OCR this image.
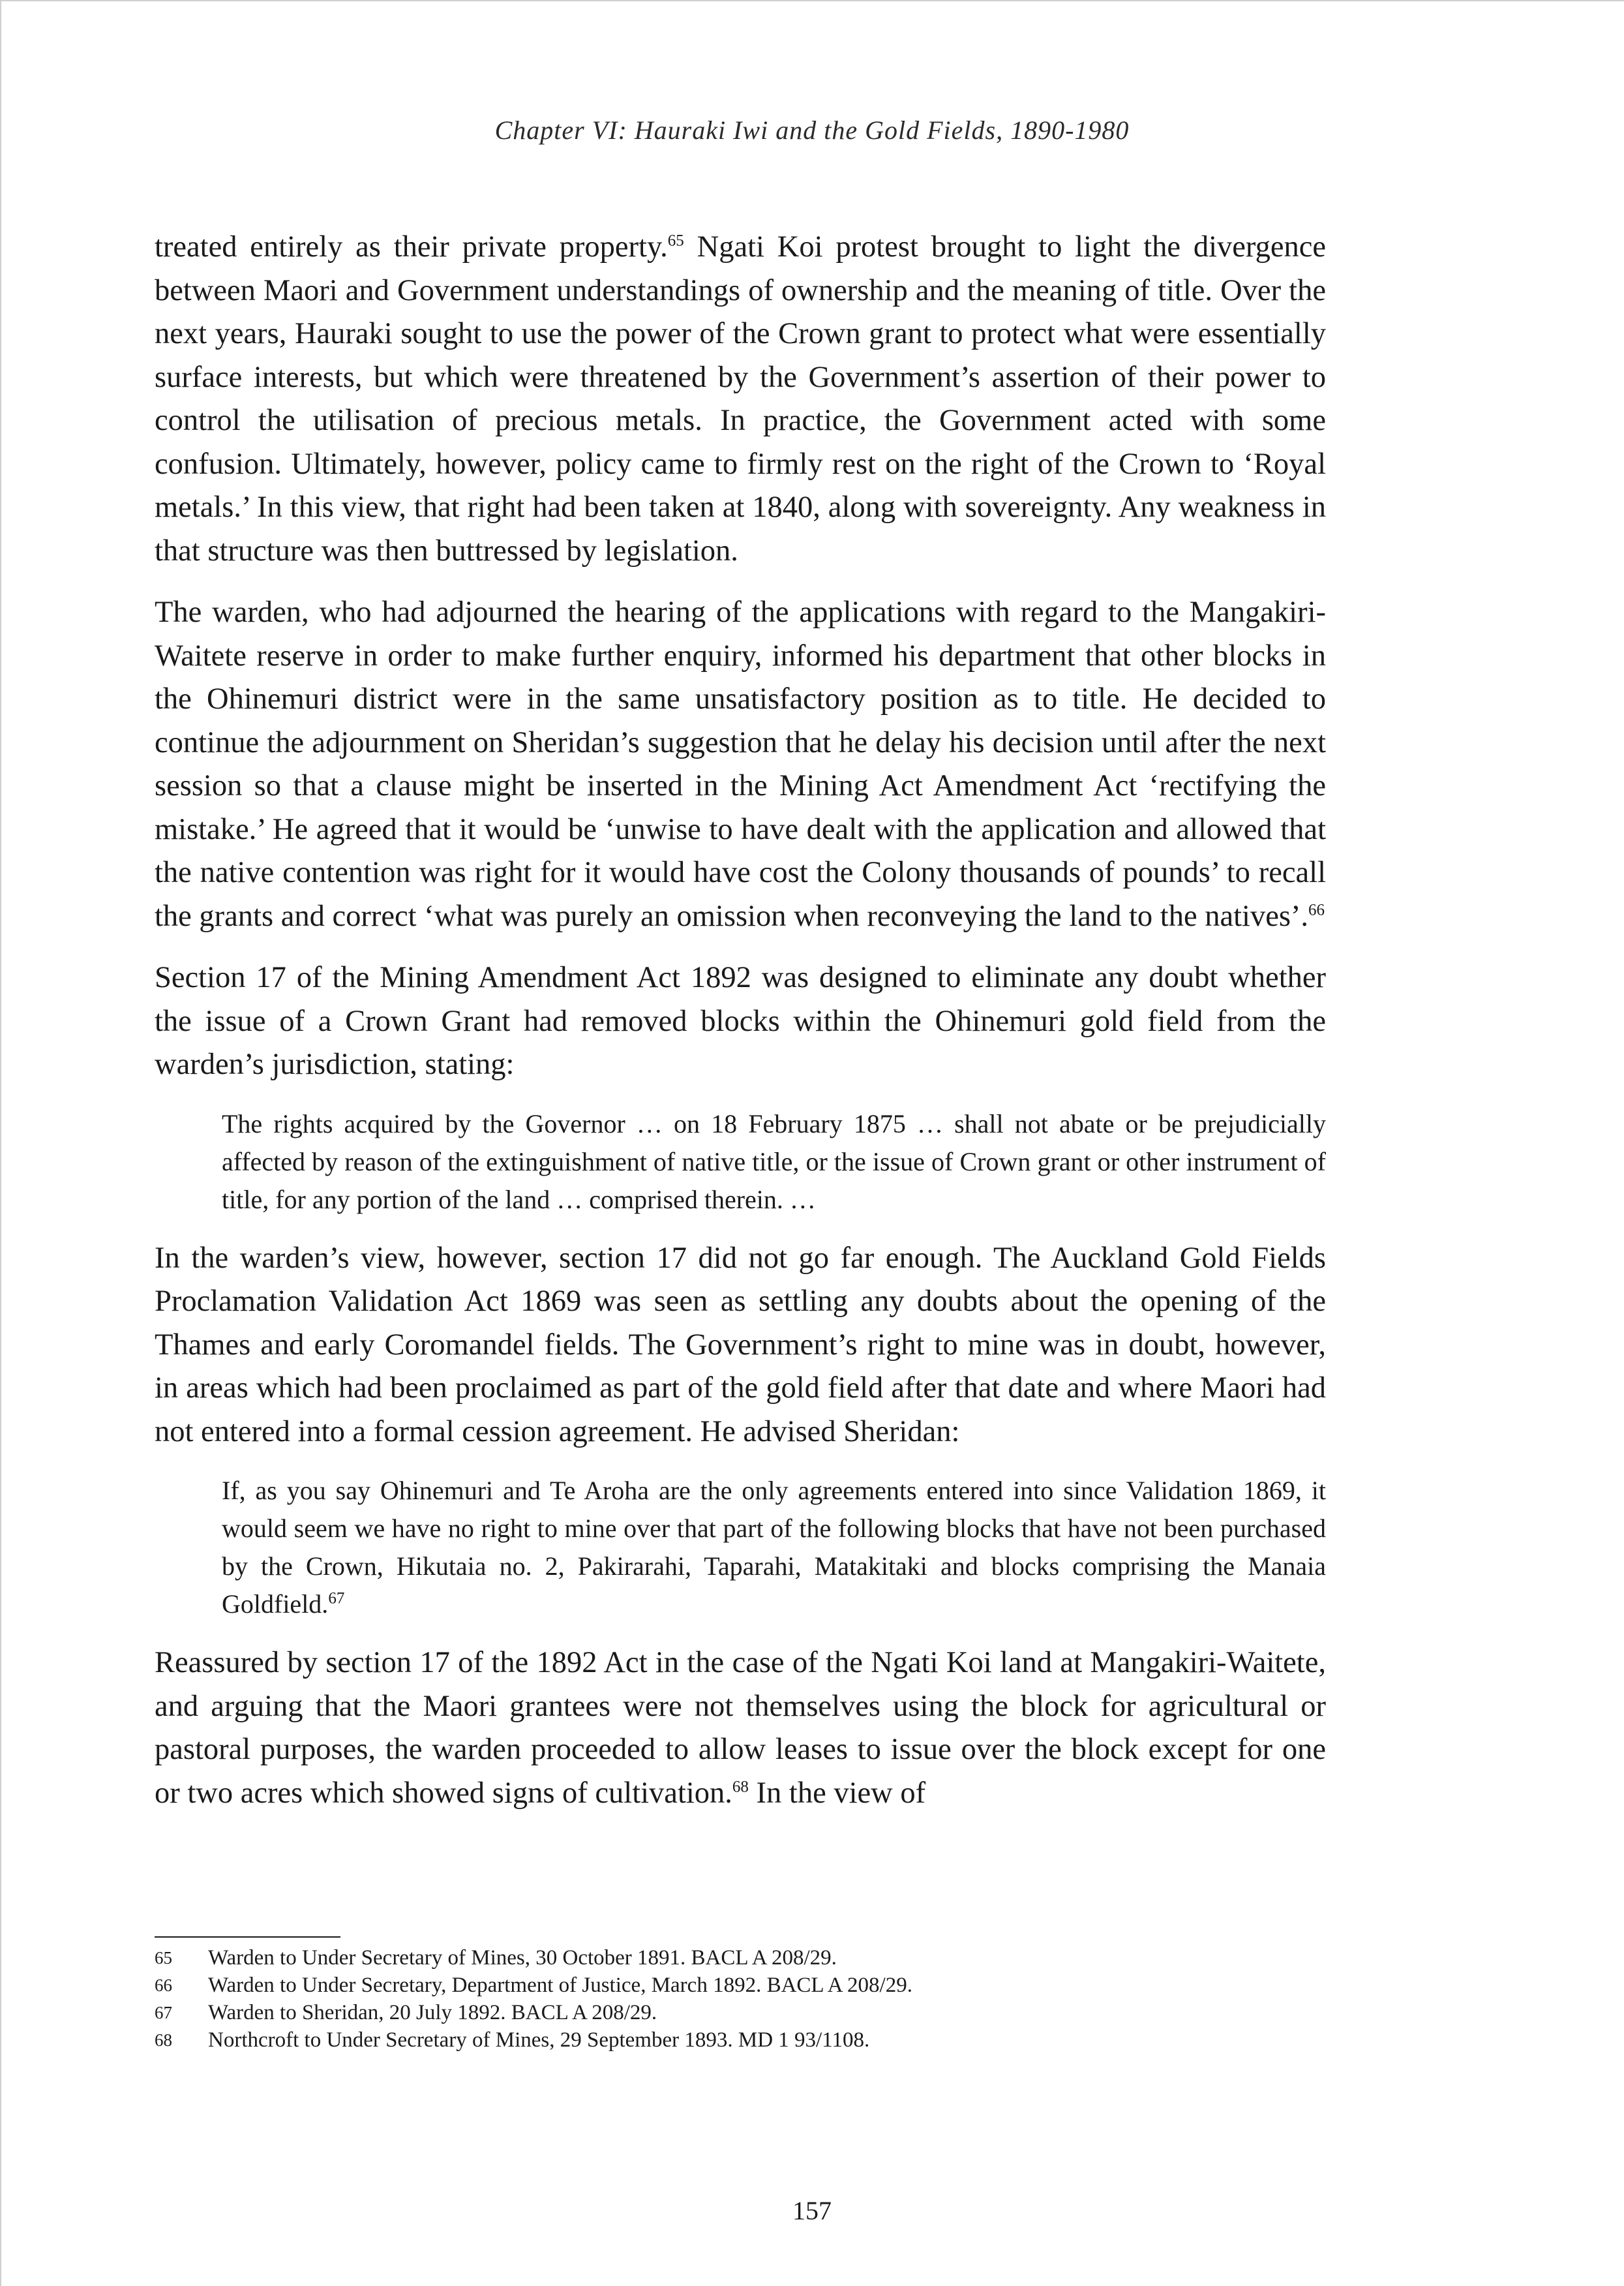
Chapter VI: Hauraki Iwi and the Gold Fields, 1890-1980

treated entirely as their private property.$^{65}$ Ngati Koi protest brought to light the divergence between Maori and Government understandings of ownership and the meaning of title. Over the next years, Hauraki sought to use the power of the Crown grant to protect what were essentially surface interests, but which were threatened by the Government’s assertion of their power to control the utilisation of precious metals. In practice, the Government acted with some confusion. Ultimately, however, policy came to firmly rest on the right of the Crown to ‘Royal metals.’ In this view, that right had been taken at 1840, along with sovereignty. Any weakness in that structure was then buttressed by legislation.

The warden, who had adjourned the hearing of the applications with regard to the Mangakiri-Waitete reserve in order to make further enquiry, informed his department that other blocks in the Ohinemuri district were in the same unsatisfactory position as to title. He decided to continue the adjournment on Sheridan’s suggestion that he delay his decision until after the next session so that a clause might be inserted in the Mining Act Amendment Act ‘rectifying the mistake.’ He agreed that it would be ‘unwise to have dealt with the application and allowed that the native contention was right for it would have cost the Colony thousands of pounds’ to recall the grants and correct ‘what was purely an omission when reconveying the land to the natives’.$^{66}$

Section 17 of the Mining Amendment Act 1892 was designed to eliminate any doubt whether the issue of a Crown Grant had removed blocks within the Ohinemuri gold field from the warden’s jurisdiction, stating:

The rights acquired by the Governor … on 18 February 1875 … shall not abate or be prejudicially affected by reason of the extinguishment of native title, or the issue of Crown grant or other instrument of title, for any portion of the land … comprised therein. …

In the warden’s view, however, section 17 did not go far enough. The Auckland Gold Fields Proclamation Validation Act 1869 was seen as settling any doubts about the opening of the Thames and early Coromandel fields. The Government’s right to mine was in doubt, however, in areas which had been proclaimed as part of the gold field after that date and where Maori had not entered into a formal cession agreement. He advised Sheridan:

If, as you say Ohinemuri and Te Aroha are the only agreements entered into since Validation 1869, it would seem we have no right to mine over that part of the following blocks that have not been purchased by the Crown, Hikutaia no. 2, Pakirarahi, Taparahi, Matakitaki and blocks comprising the Manaia Goldfield.$^{67}$

Reassured by section 17 of the 1892 Act in the case of the Ngati Koi land at Mangakiri-Waitete, and arguing that the Maori grantees were not themselves using the block for agricultural or pastoral purposes, the warden proceeded to allow leases to issue over the block except for one or two acres which showed signs of cultivation.$^{68}$ In the view of

65	Warden to Under Secretary of Mines, 30 October 1891. BACL A 208/29.
66	Warden to Under Secretary, Department of Justice, March 1892. BACL A 208/29.
67	Warden to Sheridan, 20 July 1892. BACL A 208/29.
68	Northcroft to Under Secretary of Mines, 29 September 1893. MD 1 93/1108.
157
